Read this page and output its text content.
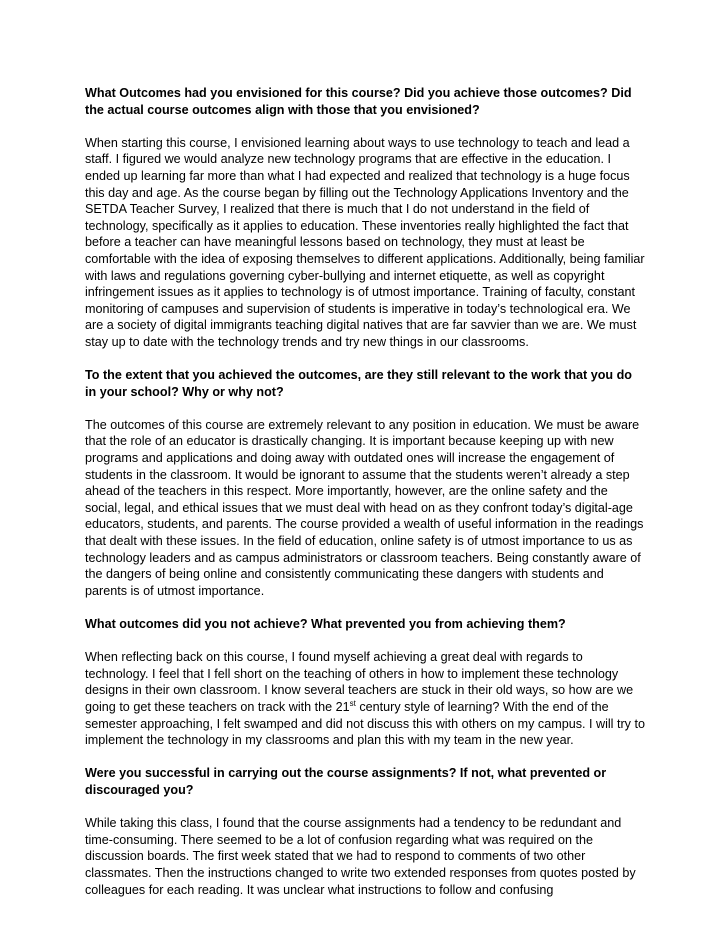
What Outcomes had you envisioned for this course? Did you achieve those outcomes? Did the actual course outcomes align with those that you envisioned?
When starting this course, I envisioned learning about ways to use technology to teach and lead a staff. I figured we would analyze new technology programs that are effective in the education. I ended up learning far more than what I had expected and realized that technology is a huge focus this day and age. As the course began by filling out the Technology Applications Inventory and the SETDA Teacher Survey, I realized that there is much that I do not understand in the field of technology, specifically as it applies to education. These inventories really highlighted the fact that before a teacher can have meaningful lessons based on technology, they must at least be comfortable with the idea of exposing themselves to different applications. Additionally, being familiar with laws and regulations governing cyber-bullying and internet etiquette, as well as copyright infringement issues as it applies to technology is of utmost importance. Training of faculty, constant monitoring of campuses and supervision of students is imperative in today’s technological era. We are a society of digital immigrants teaching digital natives that are far savvier than we are. We must stay up to date with the technology trends and try new things in our classrooms.
To the extent that you achieved the outcomes, are they still relevant to the work that you do in your school? Why or why not?
The outcomes of this course are extremely relevant to any position in education. We must be aware that the role of an educator is drastically changing. It is important because keeping up with new programs and applications and doing away with outdated ones will increase the engagement of students in the classroom. It would be ignorant to assume that the students weren’t already a step ahead of the teachers in this respect. More importantly, however, are the online safety and the social, legal, and ethical issues that we must deal with head on as they confront today’s digital-age educators, students, and parents. The course provided a wealth of useful information in the readings that dealt with these issues. In the field of education, online safety is of utmost importance to us as technology leaders and as campus administrators or classroom teachers. Being constantly aware of the dangers of being online and consistently communicating these dangers with students and parents is of utmost importance.
What outcomes did you not achieve? What prevented you from achieving them?
When reflecting back on this course, I found myself achieving a great deal with regards to technology. I feel that I fell short on the teaching of others in how to implement these technology designs in their own classroom. I know several teachers are stuck in their old ways, so how are we going to get these teachers on track with the 21st century style of learning? With the end of the semester approaching, I felt swamped and did not discuss this with others on my campus. I will try to implement the technology in my classrooms and plan this with my team in the new year.
Were you successful in carrying out the course assignments? If not, what prevented or discouraged you?
While taking this class, I found that the course assignments had a tendency to be redundant and time-consuming. There seemed to be a lot of confusion regarding what was required on the discussion boards. The first week stated that we had to respond to comments of two other classmates. Then the instructions changed to write two extended responses from quotes posted by colleagues for each reading. It was unclear what instructions to follow and confusing
